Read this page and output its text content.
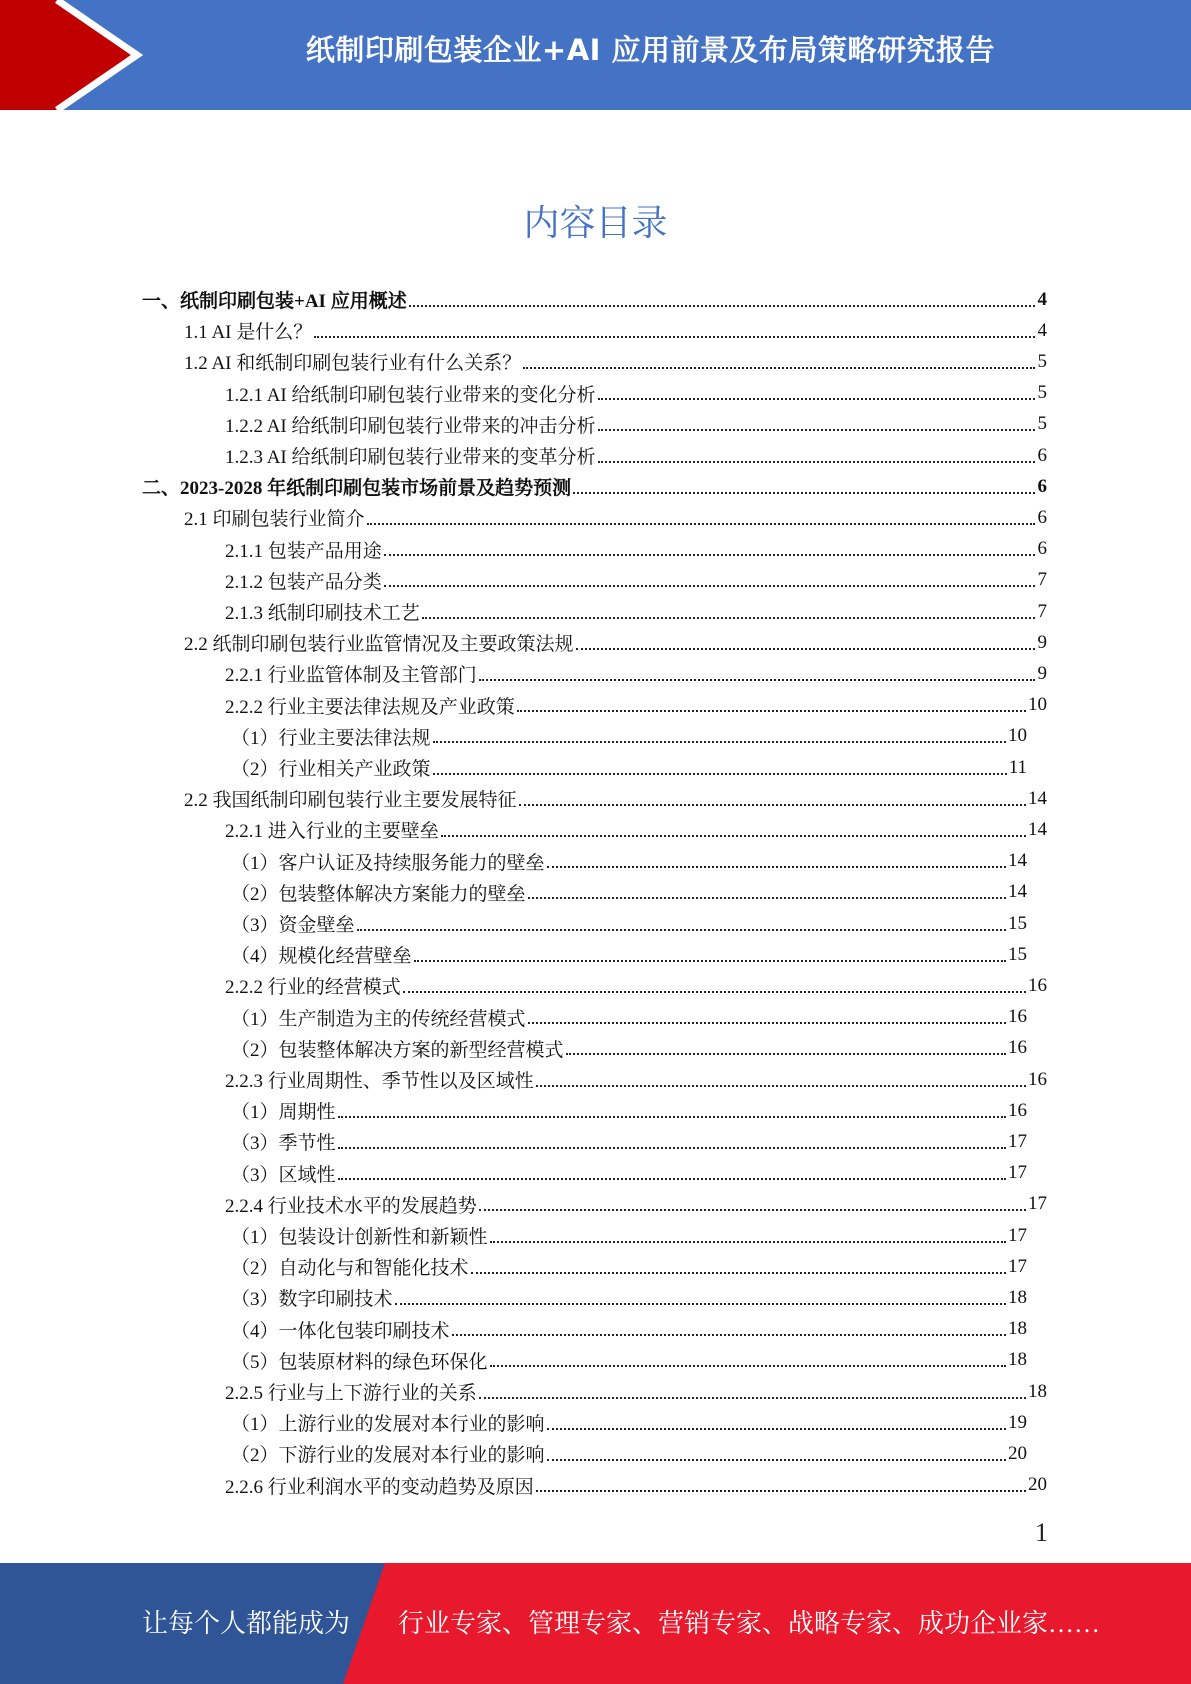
纸制印刷包装企业+AI 应用前景及布局策略研究报告
内容目录
一、纸制印刷包装+AI 应用概述	4
1.1 AI 是什么？	4
1.2 AI 和纸制印刷包装行业有什么关系？	5
1.2.1 AI 给纸制印刷包装行业带来的变化分析	5
1.2.2 AI 给纸制印刷包装行业带来的冲击分析	5
1.2.3 AI 给纸制印刷包装行业带来的变革分析	6
二、2023-2028 年纸制印刷包装市场前景及趋势预测	6
2.1 印刷包装行业简介	6
2.1.1 包装产品用途	6
2.1.2 包装产品分类	7
2.1.3 纸制印刷技术工艺	7
2.2 纸制印刷包装行业监管情况及主要政策法规	9
2.2.1 行业监管体制及主管部门	9
2.2.2 行业主要法律法规及产业政策	10
（1）行业主要法律法规	10
（2）行业相关产业政策	11
2.2 我国纸制印刷包装行业主要发展特征	14
2.2.1 进入行业的主要壁垒	14
（1）客户认证及持续服务能力的壁垒	14
（2）包装整体解决方案能力的壁垒	14
（3）资金壁垒	15
（4）规模化经营壁垒	15
2.2.2 行业的经营模式	16
（1）生产制造为主的传统经营模式	16
（2）包装整体解决方案的新型经营模式	16
2.2.3 行业周期性、季节性以及区域性	16
（1）周期性	16
（3）季节性	17
（3）区域性	17
2.2.4 行业技术水平的发展趋势	17
（1）包装设计创新性和新颖性	17
（2）自动化与和智能化技术	17
（3）数字印刷技术	18
（4）一体化包装印刷技术	18
（5）包装原材料的绿色环保化	18
2.2.5 行业与上下游行业的关系	18
（1）上游行业的发展对本行业的影响	19
（2）下游行业的发展对本行业的影响	20
2.2.6 行业利润水平的变动趋势及原因	20
1
让每个人都能成为 行业专家、管理专家、营销专家、战略专家、成功企业家……
